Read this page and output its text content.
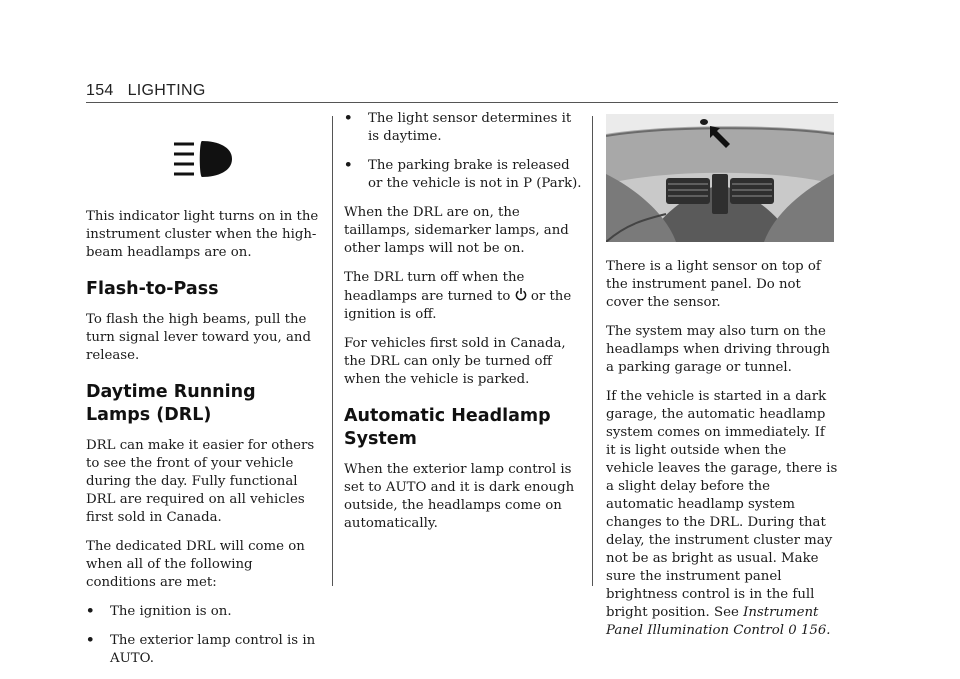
154 LIGHTING

This indicator light turns on in the instrument cluster when the high-beam headlamps are on.

Flash-to-Pass

To flash the high beams, pull the turn signal lever toward you, and release.

Daytime Running
Lamps (DRL)

DRL can make it easier for others to see the front of your vehicle during the day. Fully functional DRL are required on all vehicles first sold in Canada.

The dedicated DRL will come on when all of the following conditions are met:

•	The ignition is on.
•	The exterior lamp control is in AUTO.
•	The light sensor determines it is daytime.
•	The parking brake is released or the vehicle is not in P (Park).

When the DRL are on, the taillamps, sidemarker lamps, and other lamps will not be on.

The DRL turn off when the headlamps are turned to or the ignition is off.

For vehicles first sold in Canada, the DRL can only be turned off when the vehicle is parked.

Automatic Headlamp
System

When the exterior lamp control is set to AUTO and it is dark enough outside, the headlamps come on automatically.

There is a light sensor on top of the instrument panel. Do not cover the sensor.

The system may also turn on the headlamps when driving through a parking garage or tunnel.

If the vehicle is started in a dark garage, the automatic headlamp system comes on immediately. If it is light outside when the vehicle leaves the garage, there is a slight delay before the automatic headlamp system changes to the DRL. During that delay, the instrument cluster may not be as bright as usual. Make sure the instrument panel brightness control is in the full bright position. See Instrument Panel Illumination Control 0 156.
